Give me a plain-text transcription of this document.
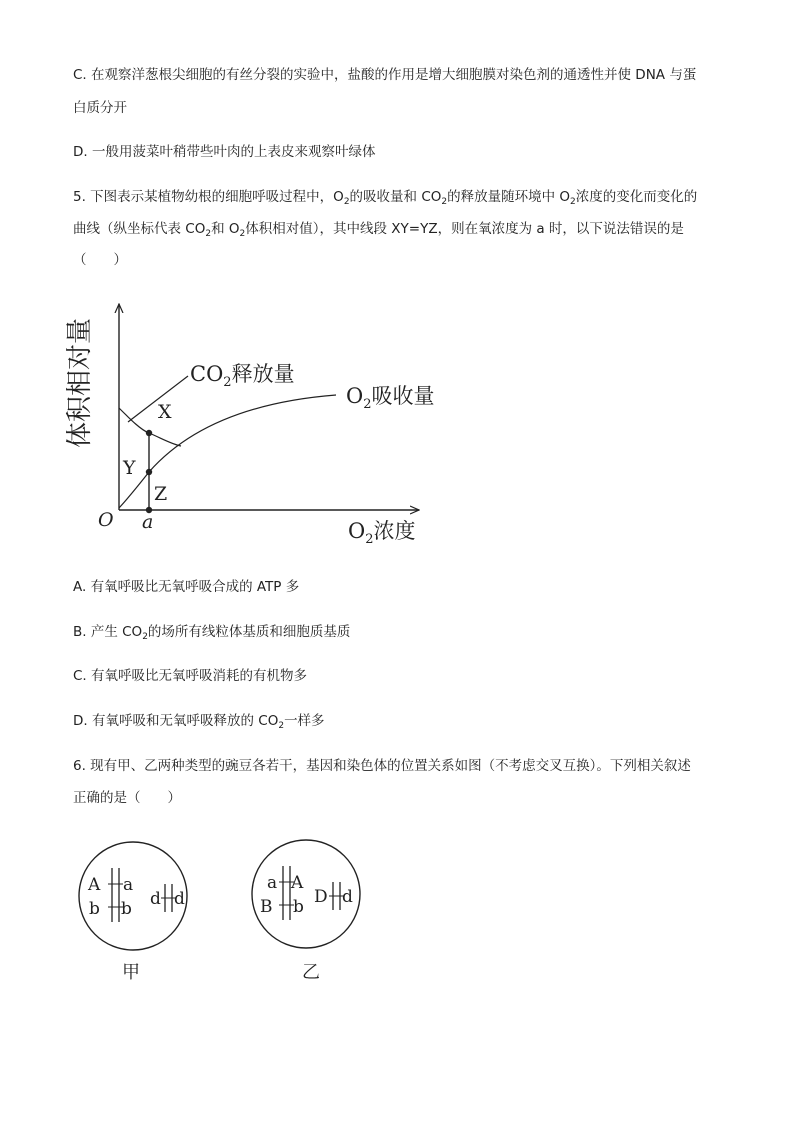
C. 在观察洋葱根尖细胞的有丝分裂的实验中，盐酸的作用是增大细胞膜对染色剂的通透性并使 DNA 与蛋
白质分开
D. 一般用菠菜叶稍带些叶肉的上表皮来观察叶绿体
5. 下图表示某植物幼根的细胞呼吸过程中，$O_2$的吸收量和 $CO_2$的释放量随环境中 $O_2$浓度的变化而变化的
曲线（纵坐标代表 $CO_2$和 $O_2$体积相对值），其中线段 XY=YZ，则在氧浓度为 a 时，以下说法错误的是
（　　）
体积相对量	$CO_2$释放量
$O_2$吸收量
X
Y
Z
O a	$O_2$浓度
A. 有氧呼吸比无氧呼吸合成的 ATP 多
B. 产生 $CO_2$的场所有线粒体基质和细胞质基质
C. 有氧呼吸比无氧呼吸消耗的有机物多
D. 有氧呼吸和无氧呼吸释放的 $CO_2$一样多
6. 现有甲、乙两种类型的豌豆各若干，基因和染色体的位置关系如图（不考虑交叉互换）。下列相关叙述
正确的是（　　）
A a
b b d d
甲
a A
B b D d
乙
